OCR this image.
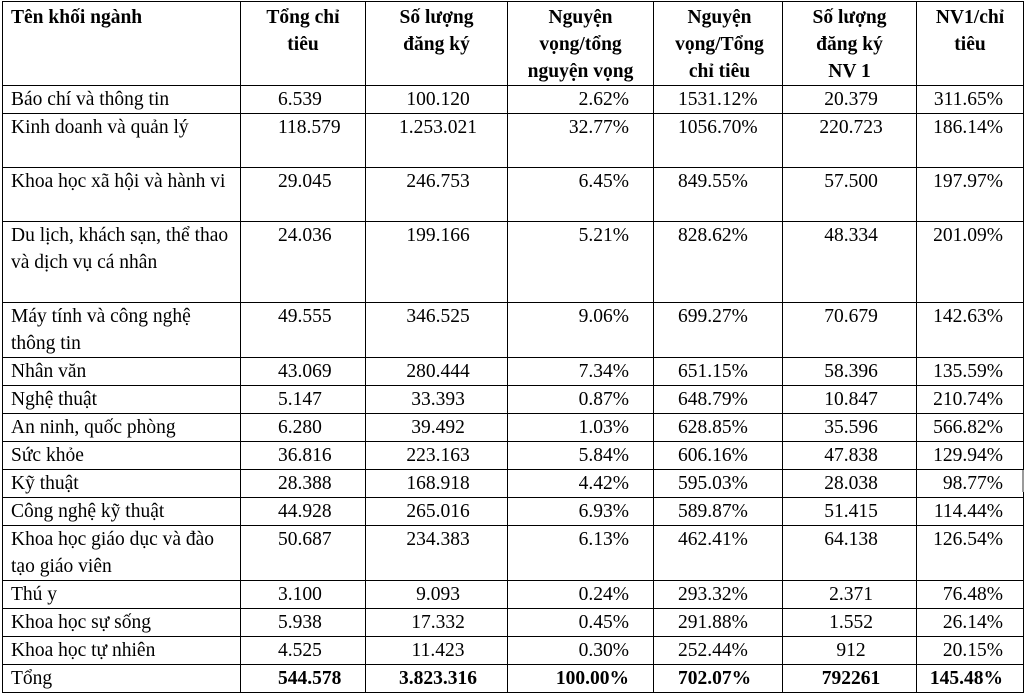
Tên khối ngành	Tổng chỉ tiêu	Số lượng đăng ký	Nguyện vọng/tổng nguyện vọng	Nguyện vọng/Tổng chỉ tiêu	Số lượng đăng ký NV 1	NV1/chỉ tiêu
Báo chí và thông tin	6.539	100.120	2.62%	1531.12%	20.379	311.65%
Kinh doanh và quản lý	118.579	1.253.021	32.77%	1056.70%	220.723	186.14%
Khoa học xã hội và hành vi	29.045	246.753	6.45%	849.55%	57.500	197.97%
Du lịch, khách sạn, thể thao và dịch vụ cá nhân	24.036	199.166	5.21%	828.62%	48.334	201.09%
Máy tính và công nghệ thông tin	49.555	346.525	9.06%	699.27%	70.679	142.63%
Nhân văn	43.069	280.444	7.34%	651.15%	58.396	135.59%
Nghệ thuật	5.147	33.393	0.87%	648.79%	10.847	210.74%
An ninh, quốc phòng	6.280	39.492	1.03%	628.85%	35.596	566.82%
Sức khỏe	36.816	223.163	5.84%	606.16%	47.838	129.94%
Kỹ thuật	28.388	168.918	4.42%	595.03%	28.038	98.77%
Công nghệ kỹ thuật	44.928	265.016	6.93%	589.87%	51.415	114.44%
Khoa học giáo dục và đào tạo giáo viên	50.687	234.383	6.13%	462.41%	64.138	126.54%
Thú y	3.100	9.093	0.24%	293.32%	2.371	76.48%
Khoa học sự sống	5.938	17.332	0.45%	291.88%	1.552	26.14%
Khoa học tự nhiên	4.525	11.423	0.30%	252.44%	912	20.15%
Tổng	544.578	3.823.316	100.00%	702.07%	792261	145.48%
